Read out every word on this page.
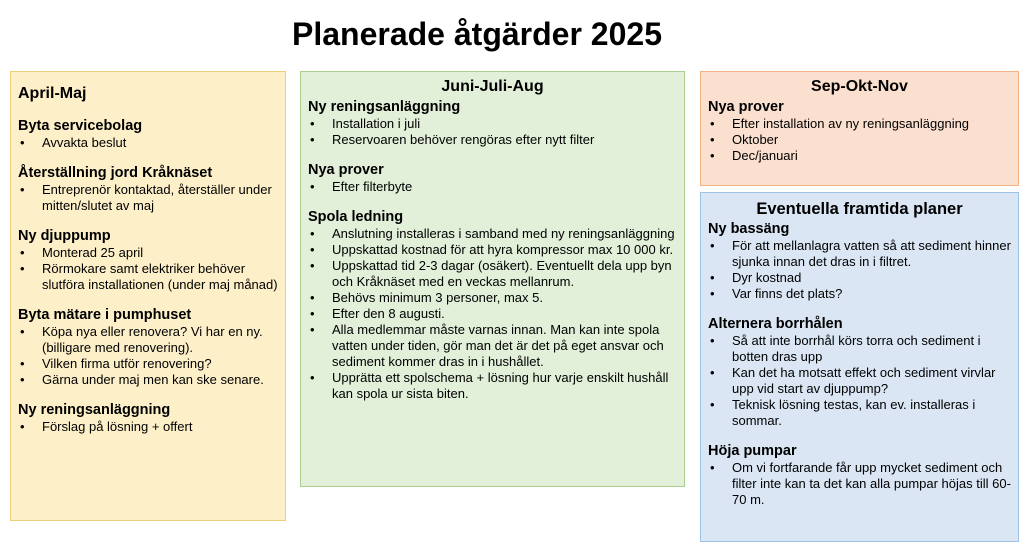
Planerade åtgärder 2025
April-Maj
Byta servicebolag
• Avvakta beslut
Återställning jord Kråknäset
• Entreprenör kontaktad, återställer under mitten/slutet av maj
Ny djuppump
• Monterad 25 april
• Rörmokare samt elektriker behöver slutföra installationen (under maj månad)
Byta mätare i pumphuset
• Köpa nya eller renovera? Vi har en ny. (billigare med renovering).
• Vilken firma utför renovering?
• Gärna under maj men kan ske senare.
Ny reningsanläggning
• Förslag på lösning + offert
Juni-Juli-Aug
Ny reningsanläggning
• Installation i juli
• Reservoaren behöver rengöras efter nytt filter
Nya prover
• Efter filterbyte
Spola ledning
• Anslutning installeras i samband med ny reningsanläggning
• Uppskattad kostnad för att hyra kompressor max 10 000 kr.
• Uppskattad tid 2-3 dagar (osäkert). Eventuellt dela upp byn och Kråknäset med en veckas mellanrum.
• Behövs minimum 3 personer, max 5.
• Efter den 8 augusti.
• Alla medlemmar måste varnas innan. Man kan inte spola vatten under tiden, gör man det är det på eget ansvar och sediment kommer dras in i hushållet.
• Upprätta ett spolschema + lösning hur varje enskilt hushåll kan spola ur sista biten.
Sep-Okt-Nov
Nya prover
• Efter installation av ny reningsanläggning
• Oktober
• Dec/januari
Eventuella framtida planer
Ny bassäng
• För att mellanlagra vatten så att sediment hinner sjunka innan det dras in i filtret.
• Dyr kostnad
• Var finns det plats?
Alternera borrhålen
• Så att inte borrhål körs torra och sediment i botten dras upp
• Kan det ha motsatt effekt och sediment virvlar upp vid start av djuppump?
• Teknisk lösning testas, kan ev. installeras i sommar.
Höja pumpar
• Om vi fortfarande får upp mycket sediment och filter inte kan ta det kan alla pumpar höjas till 60-70 m.
